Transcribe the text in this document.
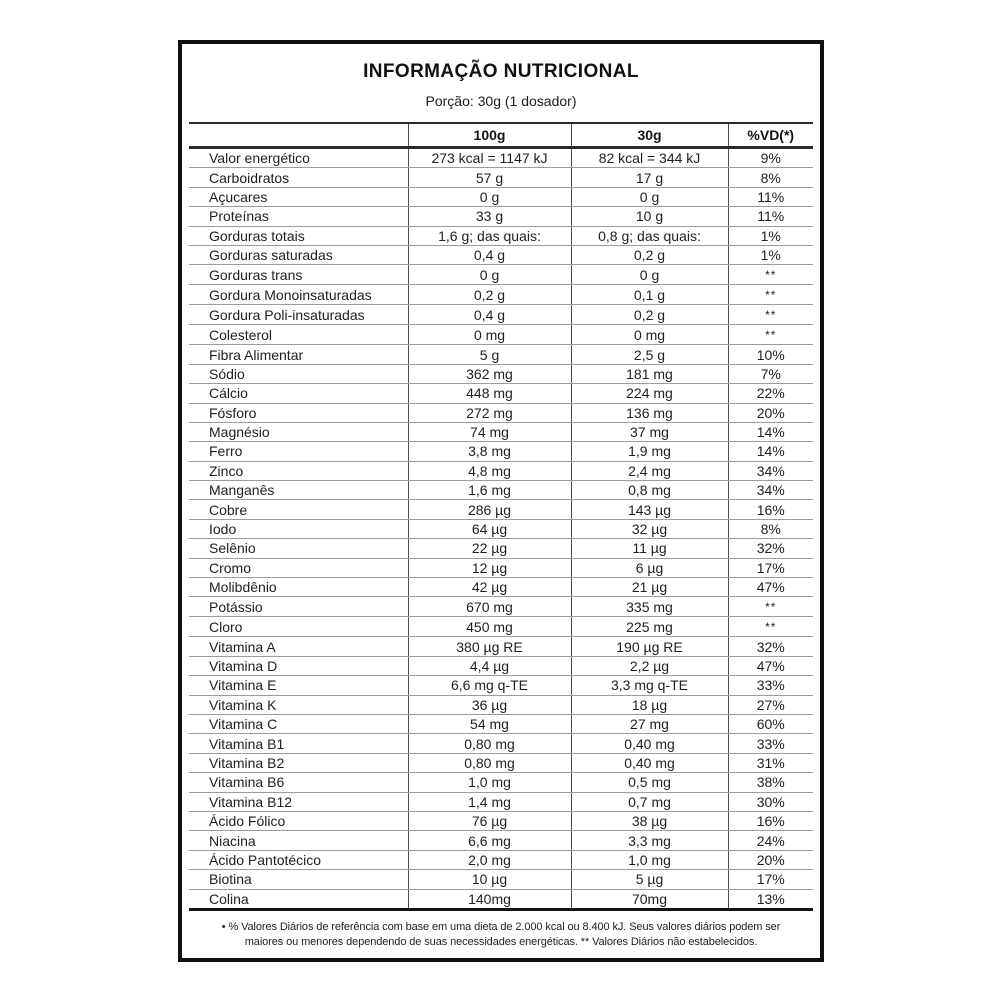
INFORMAÇÃO NUTRICIONAL
Porção: 30g (1 dosador)
	100g	30g	%VD(*)
Valor energético	273 kcal = 1147 kJ	82 kcal = 344 kJ	9%
Carboidratos	57 g	17 g	8%
Açucares	0 g	0 g	11%
Proteínas	33 g	10 g	11%
Gorduras totais	1,6 g; das quais:	0,8 g; das quais:	1%
Gorduras saturadas	0,4 g	0,2 g	1%
Gorduras trans	0 g	0 g	**
Gordura Monoinsaturadas	0,2 g	0,1 g	**
Gordura Poli-insaturadas	0,4 g	0,2 g	**
Colesterol	0 mg	0 mg	**
Fibra Alimentar	5 g	2,5 g	10%
Sódio	362 mg	181 mg	7%
Cálcio	448 mg	224 mg	22%
Fósforo	272 mg	136 mg	20%
Magnésio	74 mg	37 mg	14%
Ferro	3,8 mg	1,9 mg	14%
Zinco	4,8 mg	2,4 mg	34%
Manganês	1,6 mg	0,8 mg	34%
Cobre	286 µg	143 µg	16%
Iodo	64 µg	32 µg	8%
Selênio	22 µg	11 µg	32%
Cromo	12 µg	6 µg	17%
Molibdênio	42 µg	21 µg	47%
Potássio	670 mg	335 mg	**
Cloro	450 mg	225 mg	**
Vitamina A	380 µg RE	190 µg RE	32%
Vitamina D	4,4 µg	2,2 µg	47%
Vitamina E	6,6 mg q-TE	3,3 mg q-TE	33%
Vitamina K	36 µg	18 µg	27%
Vitamina C	54 mg	27 mg	60%
Vitamina B1	0,80 mg	0,40 mg	33%
Vitamina B2	0,80 mg	0,40 mg	31%
Vitamina B6	1,0 mg	0,5 mg	38%
Vitamina B12	1,4 mg	0,7 mg	30%
Ácido Fólico	76 µg	38 µg	16%
Niacina	6,6 mg	3,3 mg	24%
Ácido Pantotécico	2,0 mg	1,0 mg	20%
Biotina	10 µg	5 µg	17%
Colina	140mg	70mg	13%
• % Valores Diários de referência com base em uma dieta de 2.000 kcal ou 8.400 kJ. Seus valores diários podem ser
maiores ou menores dependendo de suas necessidades energéticas. ** Valores Diários não estabelecidos.
